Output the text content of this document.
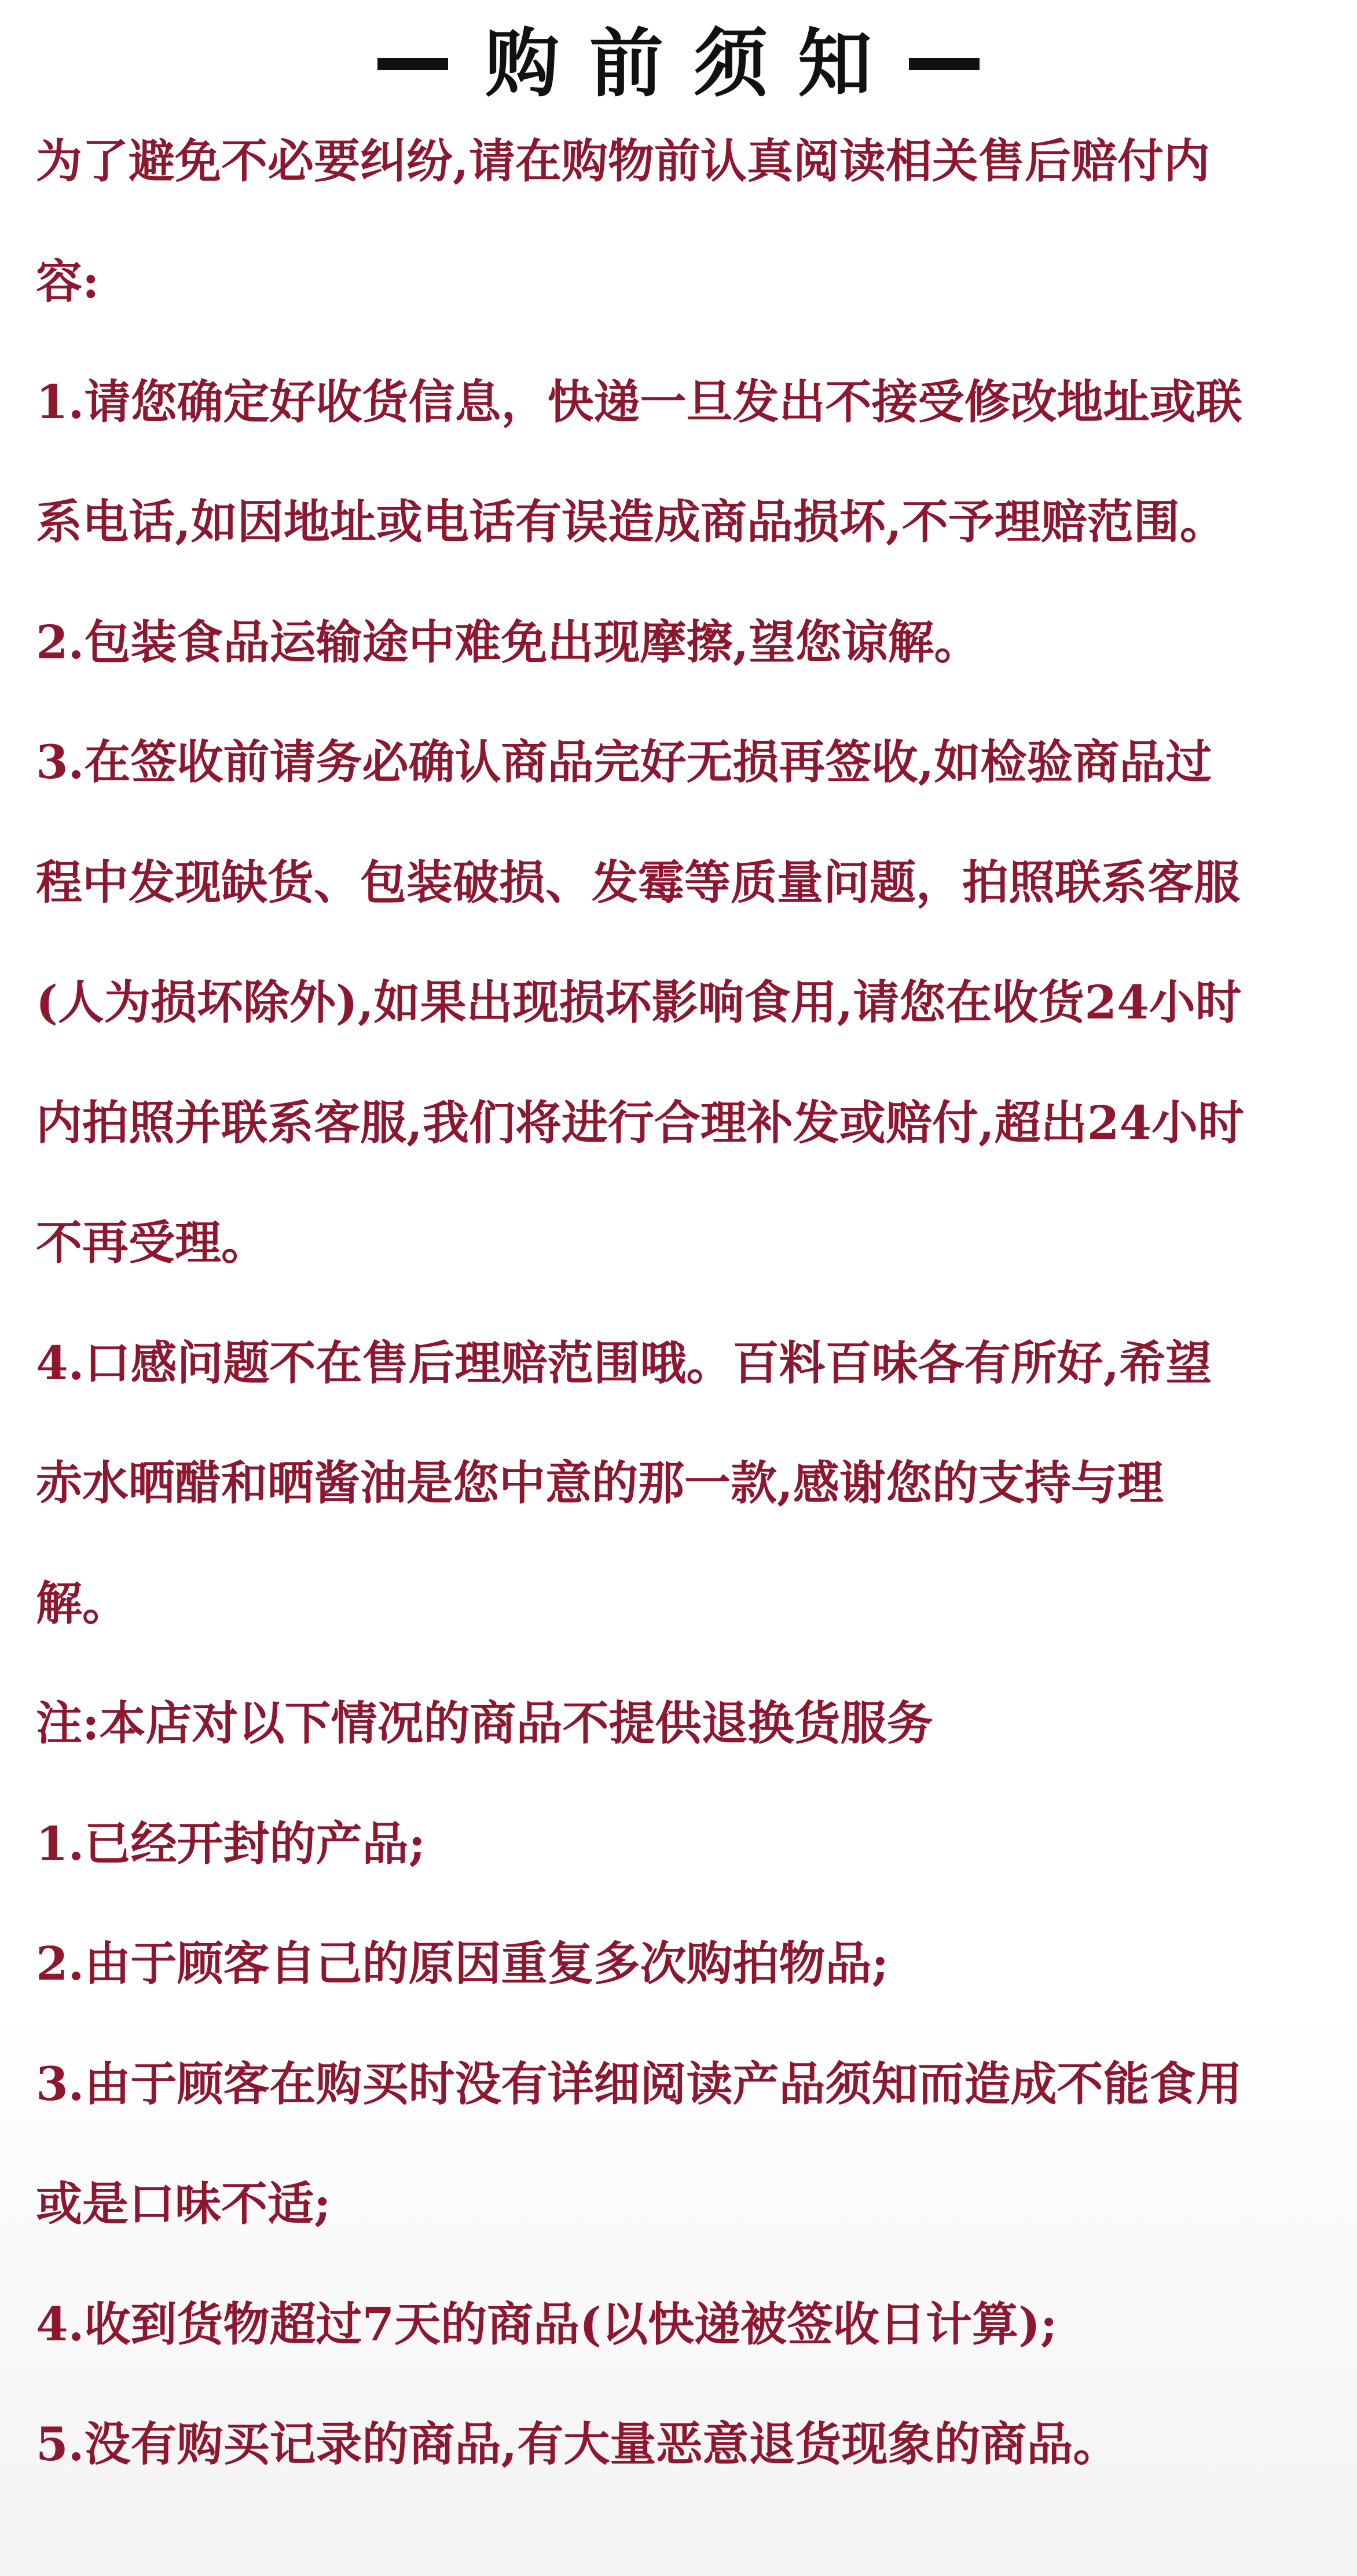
购前须知
为了避免不必要纠纷,请在购物前认真阅读相关售后赔付内
容:
1.请您确定好收货信息，快递一旦发出不接受修改地址或联
系电话,如因地址或电话有误造成商品损坏,不予理赔范围。
2.包装食品运输途中难免出现摩擦,望您谅解。
3.在签收前请务必确认商品完好无损再签收,如检验商品过
程中发现缺货、包装破损、发霉等质量问题，拍照联系客服
(人为损坏除外),如果出现损坏影响食用,请您在收货24小时
内拍照并联系客服,我们将进行合理补发或赔付,超出24小时
不再受理。
4.口感问题不在售后理赔范围哦。百料百味各有所好,希望
赤水晒醋和晒酱油是您中意的那一款,感谢您的支持与理
解。
注:本店对以下情况的商品不提供退换货服务
1.已经开封的产品;
2.由于顾客自己的原因重复多次购拍物品;
3.由于顾客在购买时没有详细阅读产品须知而造成不能食用
或是口味不适;
4.收到货物超过7天的商品(以快递被签收日计算);
5.没有购买记录的商品,有大量恶意退货现象的商品。
